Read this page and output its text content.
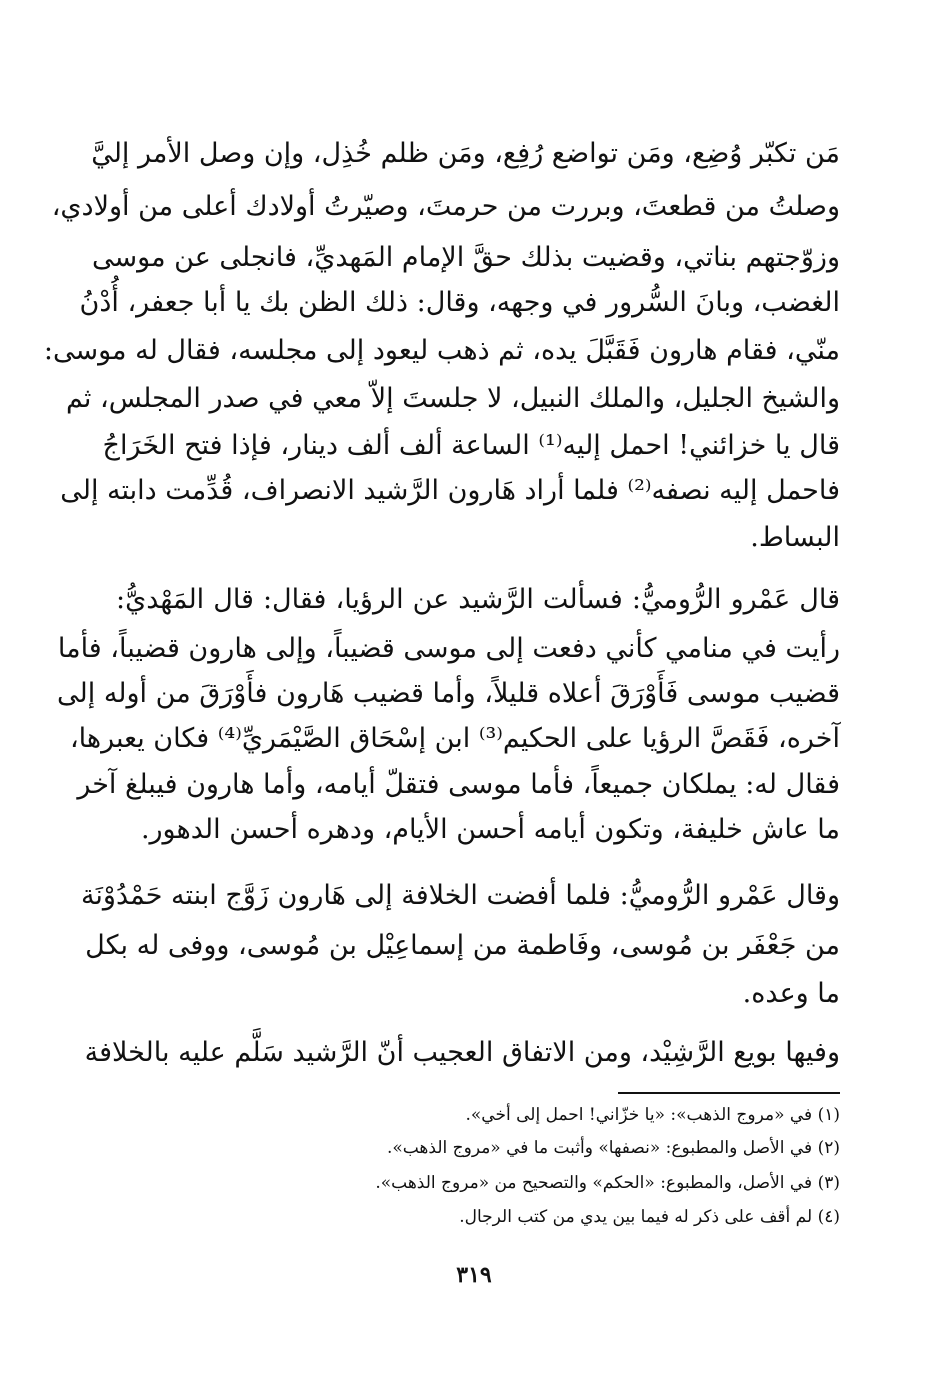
مَن تكبّر وُضِع، ومَن تواضع رُفِع، ومَن ظلم خُذِل، وإن وصل الأمر إليَّ
وصلتُ من قطعتَ، وبررت من حرمتَ، وصيّرتُ أولادك أعلى من أولادي،
وزوّجتهم بناتي، وقضيت بذلك حقَّ الإمام المَهديِّ، فانجلى عن موسى
الغضب، وبانَ السُّرور في وجهه، وقال: ذلك الظن بك يا أبا جعفر، أُدْنُ
منّي، فقام هارون فَقَبَّلَ يده، ثم ذهب ليعود إلى مجلسه، فقال له موسى:
والشيخ الجليل، والملك النبيل، لا جلستَ إلاّ معي في صدر المجلس، ثم
قال يا خزائني! احمل إليه⁽¹⁾ الساعة ألف ألف دينار، فإذا فتح الخَرَاجُ
فاحمل إليه نصفه⁽²⁾ فلما أراد هَارون الرَّشيد الانصراف، قُدِّمت دابته إلى
البساط.
قال عَمْرو الرُّوميُّ: فسألت الرَّشيد عن الرؤيا، فقال: قال المَهْديُّ:
رأيت في منامي كأني دفعت إلى موسى قضيباً، وإلى هارون قضيباً، فأما
قضيب موسى فَأَوْرَقَ أعلاه قليلاً، وأما قضيب هَارون فأَوْرَقَ من أوله إلى
آخره، فَقَصَّ الرؤيا على الحكيم⁽³⁾ ابن إسْحَاق الصَّيْمَريِّ⁽⁴⁾ فكان يعبرها،
فقال له: يملكان جميعاً، فأما موسى فتقلّ أيامه، وأما هارون فيبلغ آخر
ما عاش خليفة، وتكون أيامه أحسن الأيام، ودهره أحسن الدهور.
وقال عَمْرو الرُّوميُّ: فلما أفضت الخلافة إلى هَارون زَوَّج ابنته حَمْدُوْنَة
من جَعْفَر بن مُوسى، وفَاطمة من إسماعِيْل بن مُوسى، ووفى له بكل
ما وعده.
وفيها بويع الرَّشِيْد، ومن الاتفاق العجيب أنّ الرَّشيد سَلَّم عليه بالخلافة
(١) في «مروج الذهب»: «يا خزّاني! احمل إلى أخي».
(٢) في الأصل والمطبوع: «نصفها» وأثبت ما في «مروج الذهب».
(٣) في الأصل، والمطبوع: «الحكم» والتصحيح من «مروج الذهب».
(٤) لم أقف على ذكر له فيما بين يدي من كتب الرجال.
٣١٩
